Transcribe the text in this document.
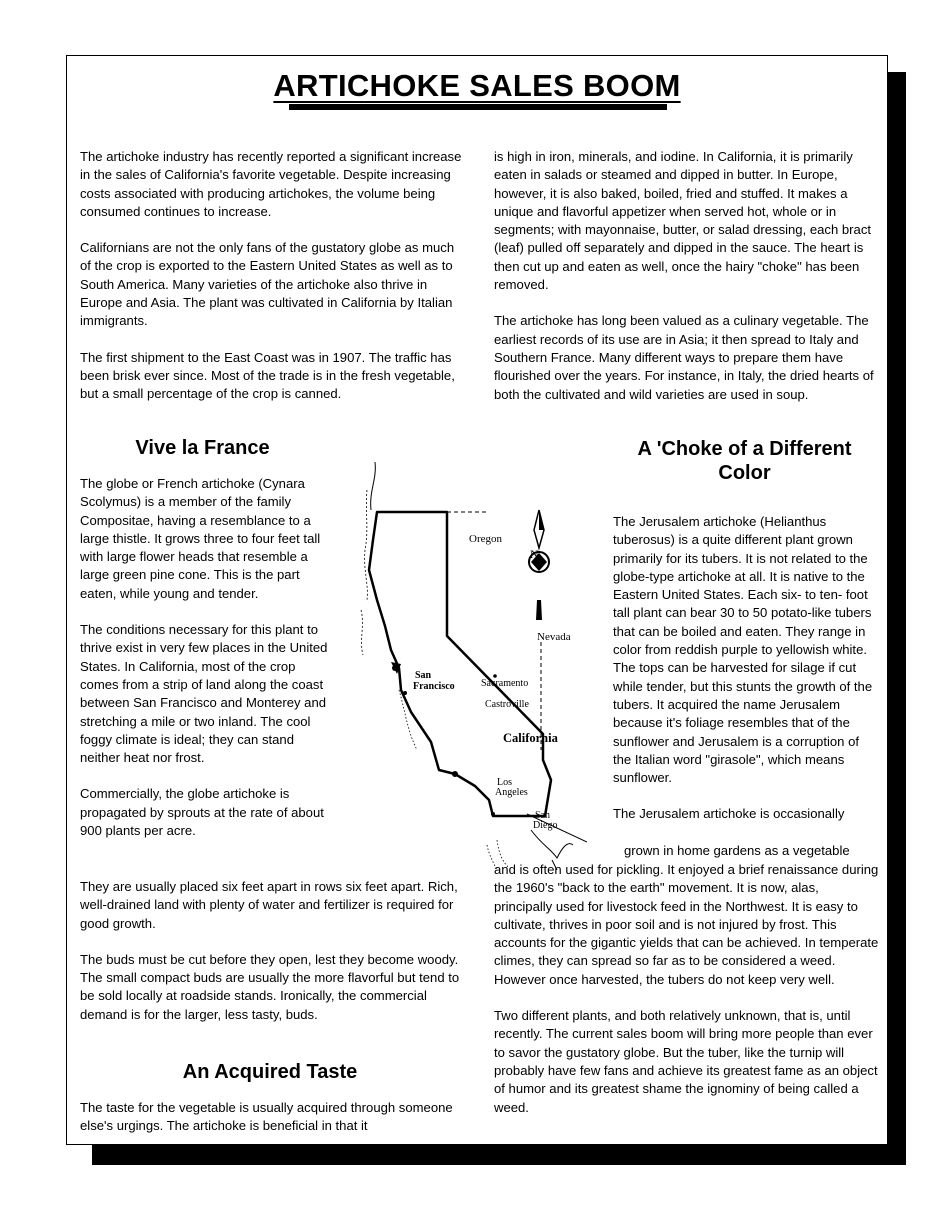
ARTICHOKE SALES BOOM

The artichoke industry has recently reported a significant increase in the sales of California's favorite vegetable. Despite increasing costs associated with producing artichokes, the volume being consumed continues to increase.

Californians are not the only fans of the gustatory globe as much of the crop is exported to the Eastern United States as well as to South America. Many varieties of the artichoke also thrive in Europe and Asia. The plant was cultivated in California by Italian immigrants.

The first shipment to the East Coast was in 1907. The traffic has been brisk ever since. Most of the trade is in the fresh vegetable, but a small percentage of the crop is canned.

Vive la France

The globe or French artichoke (Cynara Scolymus) is a member of the family Compositae, having a resemblance to a large thistle. It grows three to four feet tall with large flower heads that resemble a large green pine cone. This is the part eaten, while young and tender.

The conditions necessary for this plant to thrive exist in very few places in the United States. In California, most of the crop comes from a strip of land along the coast between San Francisco and Monterey and stretching a mile or two inland. The cool foggy climate is ideal; they can stand neither heat nor frost.

Commercially, the globe artichoke is propagated by sprouts at the rate of about 900 plants per acre.

They are usually placed six feet apart in rows six feet apart. Rich, well-drained land with plenty of water and fertilizer is required for good growth.

The buds must be cut before they open, lest they become woody. The small compact buds are usually the more flavorful but tend to be sold locally at roadside stands. Ironically, the commercial demand is for the larger, less tasty, buds.

An Acquired Taste

The taste for the vegetable is usually acquired through someone else's urgings. The artichoke is beneficial in that it

is high in iron, minerals, and iodine. In California, it is primarily eaten in salads or steamed and dipped in butter. In Europe, however, it is also baked, boiled, fried and stuffed. It makes a unique and flavorful appetizer when served hot, whole or in segments; with mayonnaise, butter, or salad dressing, each bract (leaf) pulled off separately and dipped in the sauce. The heart is then cut up and eaten as well, once the hairy "choke" has been removed.

The artichoke has long been valued as a culinary vegetable. The earliest records of its use are in Asia; it then spread to Italy and Southern France. Many different ways to prepare them have flourished over the years. For instance, in Italy, the dried hearts of both the cultivated and wild varieties are used in soup.

A 'Choke of a Different
Color

The Jerusalem artichoke (Helianthus tuberosus) is a quite different plant grown primarily for its tubers. It is not related to the globe-type artichoke at all. It is native to the Eastern United States. Each six- to ten- foot tall plant can bear 30 to 50 potato-like tubers that can be boiled and eaten. They range in color from reddish purple to yellowish white. The tops can be harvested for silage if cut while tender, but this stunts the growth of the tubers. It acquired the name Jerusalem because it's foliage resembles that of the sunflower and Jerusalem is a corruption of the Italian word "girasole", which means sunflower.

The Jerusalem artichoke is occasionally

grown in home gardens as a vegetable

and is often used for pickling. It enjoyed a brief renaissance during the 1960's "back to the earth" movement. It is now, alas, principally used for livestock feed in the Northwest. It is easy to cultivate, thrives in poor soil and is not injured by frost. This accounts for the gigantic yields that can be achieved. In temperate climes, they can spread so far as to be considered a weed. However once harvested, the tubers do not keep very well.

Two different plants, and both relatively unknown, that is, until recently. The current sales boom will bring more people than ever to savor the gustatory globe. But the tuber, like the turnip will probably have few fans and achieve its greatest fame as an object of humor and its greatest shame the ignominy of being called a weed.

Oregon
N
Nevada
Sacramento
Castroville
California
San
Francisco
Los
Angeles
San
Diego
